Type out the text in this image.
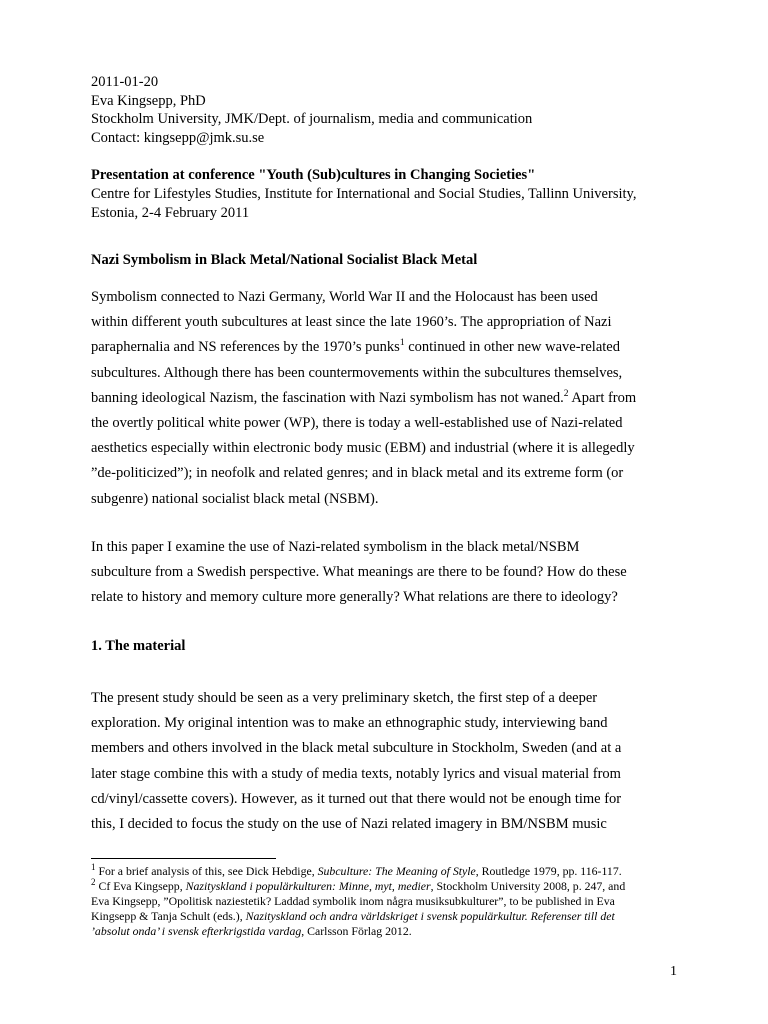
2011-01-20
Eva Kingsepp, PhD
Stockholm University, JMK/Dept. of journalism, media and communication
Contact: kingsepp@jmk.su.se
Presentation at conference "Youth (Sub)cultures in Changing Societies"
Centre for Lifestyles Studies, Institute for International and Social Studies, Tallinn University,
Estonia, 2-4 February 2011
Nazi Symbolism in Black Metal/National Socialist Black Metal
Symbolism connected to Nazi Germany, World War II and the Holocaust has been used
within different youth subcultures at least since the late 1960’s. The appropriation of Nazi
paraphernalia and NS references by the 1970’s punks$^1$ continued in other new wave-related
subcultures. Although there has been countermovements within the subcultures themselves,
banning ideological Nazism, the fascination with Nazi symbolism has not waned.$^2$ Apart from
the overtly political white power (WP), there is today a well-established use of Nazi-related
aesthetics especially within electronic body music (EBM) and industrial (where it is allegedly
”de-politicized”); in neofolk and related genres; and in black metal and its extreme form (or
subgenre) national socialist black metal (NSBM).
In this paper I examine the use of Nazi-related symbolism in the black metal/NSBM
subculture from a Swedish perspective. What meanings are there to be found? How do these
relate to history and memory culture more generally? What relations are there to ideology?
1. The material
The present study should be seen as a very preliminary sketch, the first step of a deeper
exploration. My original intention was to make an ethnographic study, interviewing band
members and others involved in the black metal subculture in Stockholm, Sweden (and at a
later stage combine this with a study of media texts, notably lyrics and visual material from
cd/vinyl/cassette covers). However, as it turned out that there would not be enough time for
this, I decided to focus the study on the use of Nazi related imagery in BM/NSBM music
$^1$ For a brief analysis of this, see Dick Hebdige, Subculture: The Meaning of Style, Routledge 1979, pp. 116-117.
$^2$ Cf Eva Kingsepp, Nazityskland i populärkulturen: Minne, myt, medier, Stockholm University 2008, p. 247, and
Eva Kingsepp, ”Opolitisk naziestetik? Laddad symbolik inom några musiksubkulturer”, to be published in Eva
Kingsepp & Tanja Schult (eds.), Nazityskland och andra världskriget i svensk populärkultur. Referenser till det
’absolut onda’ i svensk efterkrigstida vardag, Carlsson Förlag 2012.
1
